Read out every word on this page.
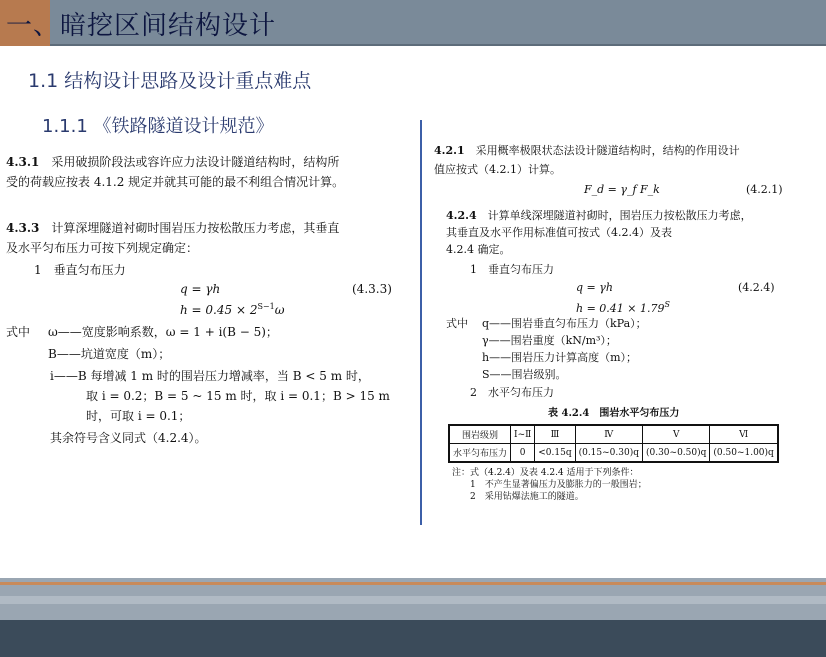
一、暗挖区间结构设计
1.1 结构设计思路及设计重点难点
1.1.1 《铁路隧道设计规范》
4.3.1　 采用破损阶段法或容许应力法设计隧道结构时，结构所
受的荷载应按表 4.1.2 规定并就其可能的最不利组合情况计算。
4.3.3　 计算深埋隧道衬砌时围岩压力按松散压力考虑，其垂直
及水平匀布压力可按下列规定确定：
1　垂直匀布压力
q = γh	(4.3.3)
$h = 0.45 \times 2^{S-1}\omega$
式中 ω——宽度影响系数，ω = 1 + i(B − 5)；
B——坑道宽度（m）；
i——B 每增减 1 m 时的围岩压力增减率，当 B < 5 m 时，
取 i = 0.2；B = 5 ~ 15 m 时，取 i = 0.1；B > 15 m
时，可取 i = 0.1；
其余符号含义同式（4.2.4）。
4.2.1　 采用概率极限状态法设计隧道结构时，结构的作用设计
值应按式（4.2.1）计算。
F_d = γ_f F_k	(4.2.1)
4.2.4　 计算单线深埋隧道衬砌时，围岩压力按松散压力考虑，
其垂直及水平作用标准值可按式（4.2.4）及表
4.2.4 确定。
1　垂直匀布压力
q = γh	(4.2.4)
$h = 0.41 \times 1.79^S$
式中 q——围岩垂直匀布压力（kPa）；
γ——围岩重度（kN/m³）；
h——围岩压力计算高度（m）；
S——围岩级别。
2　水平匀布压力
表 4.2.4　围岩水平匀布压力
围岩级别	Ⅰ~Ⅱ	Ⅲ	Ⅳ	Ⅴ	Ⅵ
水平匀布压力	0	<0.15q	(0.15~0.30)q	(0.30~0.50)q	(0.50~1.00)q
注：式（4.2.4）及表 4.2.4 适用于下列条件：
1　不产生显著偏压力及膨胀力的一般围岩；
2　采用钻爆法施工的隧道。
